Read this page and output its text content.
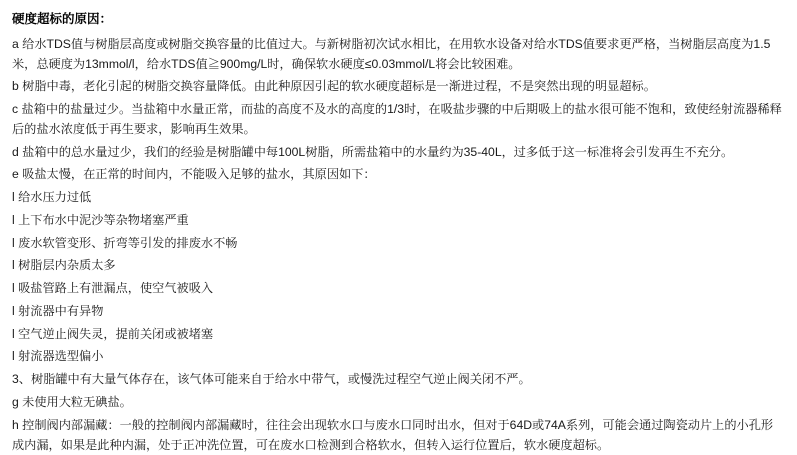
硬度超标的原因：

a 给水TDS值与树脂层高度或树脂交换容量的比值过大。与新树脂初次试水相比，在用软水设备对给水TDS值要求更严格，当树脂层高度为1.5米，总硬度为13mmol/l，给水TDS值≧900mg/L时，确保软水硬度≤0.03mmol/L将会比较困难。

b 树脂中毒，老化引起的树脂交换容量降低。由此种原因引起的软水硬度超标是一渐进过程，不是突然出现的明显超标。

c 盐箱中的盐量过少。当盐箱中水量正常，而盐的高度不及水的高度的1/3时，在吸盐步骤的中后期吸上的盐水很可能不饱和，致使经射流器稀释后的盐水浓度低于再生要求，影响再生效果。

d 盐箱中的总水量过少，我们的经验是树脂罐中每100L树脂，所需盐箱中的水量约为35-40L，过多低于这一标准将会引发再生不充分。

e 吸盐太慢，在正常的时间内，不能吸入足够的盐水，其原因如下：

l 给水压力过低

l 上下布水中泥沙等杂物堵塞严重

l 废水软管变形、折弯等引发的排废水不畅

l 树脂层内杂质太多

l 吸盐管路上有泄漏点，使空气被吸入

l 射流器中有异物

l 空气逆止阀失灵，提前关闭或被堵塞

l 射流器选型偏小

3、树脂罐中有大量气体存在，该气体可能来自于给水中带气，或慢洗过程空气逆止阀关闭不严。

g 未使用大粒无碘盐。

h 控制阀内部漏藏：一般的控制阀内部漏藏时，往往会出现软水口与废水口同时出水，但对于64D或74A系列，可能会通过陶瓷动片上的小孔形成内漏，如果是此种内漏，处于正冲洗位置，可在废水口检测到合格软水，但转入运行位置后，软水硬度超标。
